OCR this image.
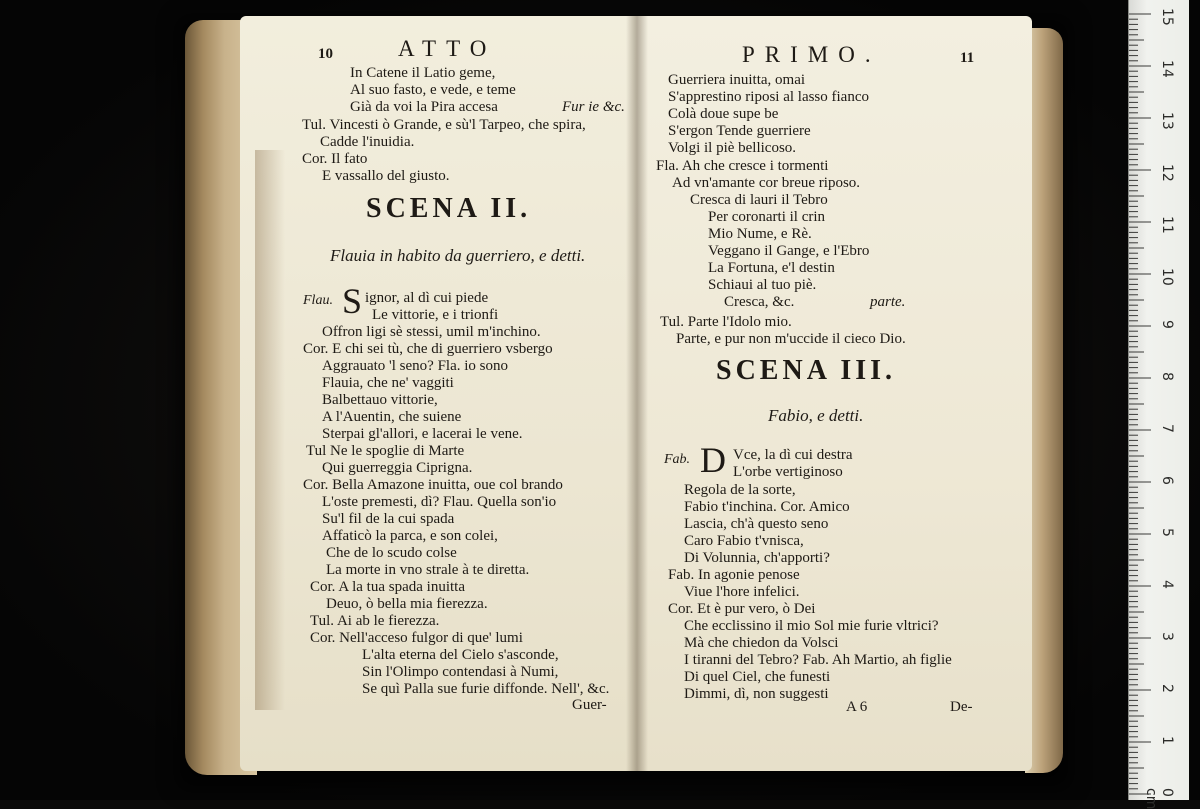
10	ATTO
In Catene il Latio geme,
Al suo fasto, e vede, e teme
Già da voi la Pira accesa	Fur ie &c.
Tul. Vincesti ò Grande, e sù'l Tarpeo, che spira,
Cadde l'inuidia.
Cor. Il fato
E vassallo del giusto.
SCENA II.
Flauia in habito da guerriero, e detti.
Flau. S ignor, al dì cui piede
Le vittorie, e i trionfi
Offron ligi sè stessi, umil m'inchino.
Cor. E chi sei tù, che di guerriero vsbergo
Aggrauato 'l seno? Fla. io sono
Flauia, che ne' vaggiti
Balbettauo vittorie,
A l'Auentin, che suiene
Sterpai gl'allori, e lacerai le vene.
Tul Ne le spoglie di Marte
Qui guerreggia Ciprigna.
Cor. Bella Amazone inuitta, oue col brando
L'oste premesti, dì? Flau. Quella son'io
Su'l fil de la cui spada
Affaticò la parca, e son colei,
Che de lo scudo colse
La morte in vno strale à te diretta.
Cor. A la tua spada inuitta
Deuo, ò bella mia fierezza.
Tul. Ai ab le fierezza.
Cor. Nell'acceso fulgor di que' lumi
L'alta eterna del Cielo s'asconde,
Sin l'Olimpo contendasi à Numi,
Se quì Palla sue furie diffonde. Nell', &c.
Guer-
PRIMO.	11
Guerriera inuitta, omai
S'apprestino riposi al lasso fianco
Colà doue supe be
S'ergon Tende guerriere
Volgi il piè bellicoso.
Fla. Ah che cresce i tormenti
Ad vn'amante cor breue riposo.
Cresca di lauri il Tebro
Per coronarti il crin
Mio Nume, e Rè.
Veggano il Gange, e l'Ebro
La Fortuna, e'l destin
Schiaui al tuo piè.
Cresca, &c.	parte.
Tul. Parte l'Idolo mio.
Parte, e pur non m'uccide il cieco Dio.
SCENA III.
Fabio, e detti.
Fab. D Vce, la dì cui destra
L'orbe vertiginoso
Regola de la sorte,
Fabio t'inchina. Cor. Amico
Lascia, ch'à questo seno
Caro Fabio t'vnisca,
Di Volunnia, ch'apporti?
Fab. In agonie penose
Viue l'hore infelici.
Cor. Et è pur vero, ò Dei
Che ecclissino il mio Sol mie furie vltrici?
Mà che chiedon da Volsci
I tiranni del Tebro? Fab. Ah Martio, ah figlie
Di quel Ciel, che funesti
Dimmi, dì, non suggesti
A 6	De-
15
14
13
12
11
10
9
8
7
6
5
4
3
2
1
0 cm
